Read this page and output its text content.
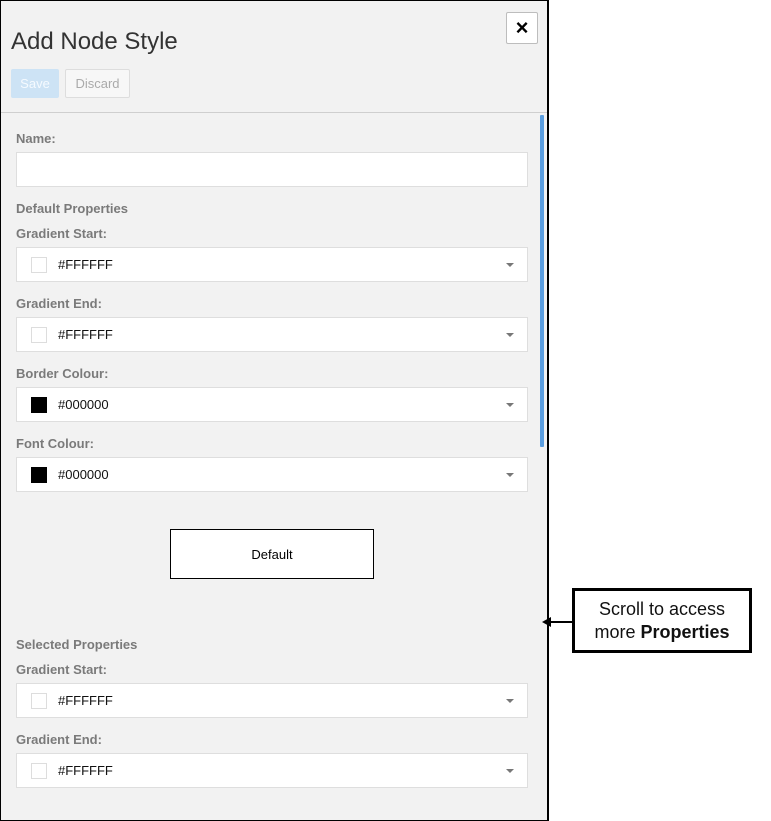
Add Node Style
×
Save	Discard
Name:
Default Properties
Gradient Start:
#FFFFFF
Gradient End:
#FFFFFF
Border Colour:
#000000
Font Colour:
#000000
Default
Selected Properties
Gradient Start:
#FFFFFF
Gradient End:
#FFFFFF
Scroll to access
more Properties
